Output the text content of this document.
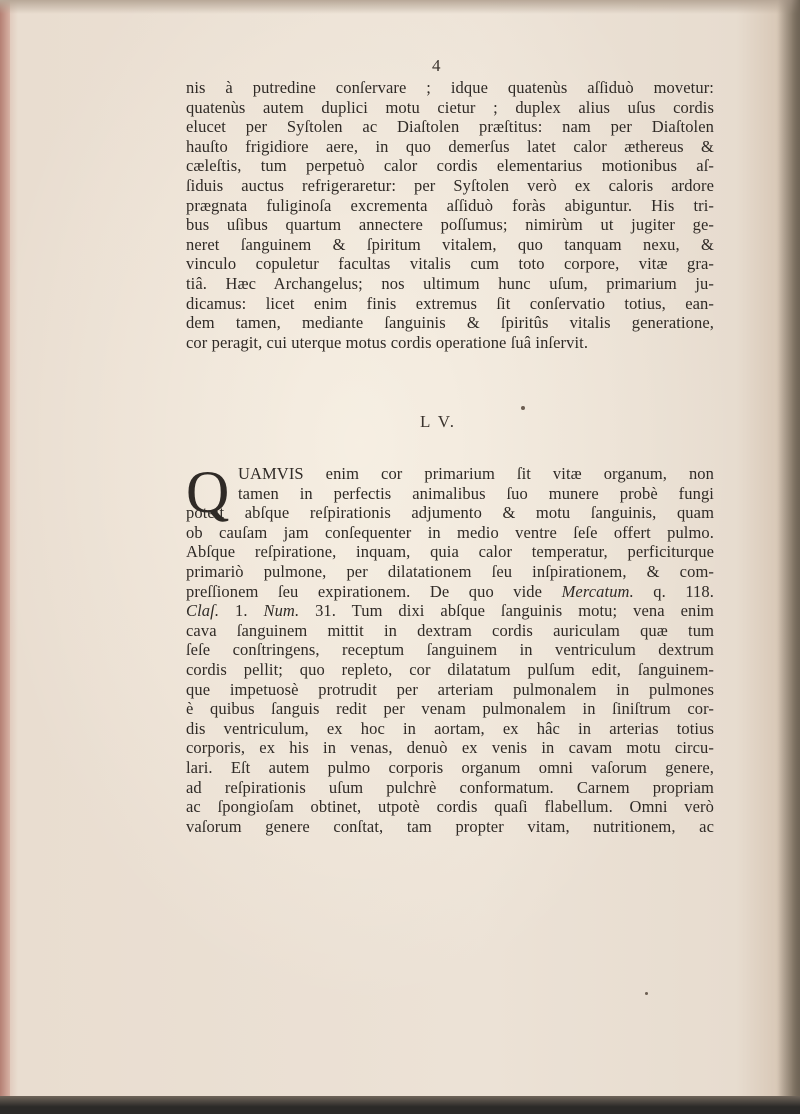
4
nis à putredine conſervare ; idque quatenùs aſſiduò movetur:
quatenùs autem duplici motu cietur ; duplex alius uſus cordis
elucet per Syſtolen ac Diaſtolen præſtitus: nam per Diaſtolen
hauſto frigidiore aere, in quo demerſus latet calor æthereus &
cæleſtis, tum perpetuò calor cordis elementarius motionibus aſ-
ſiduis auctus refrigeraretur: per Syſtolen verò ex caloris ardore
prægnata fuliginoſa excrementa aſſiduò foràs abiguntur. His tri-
bus uſibus quartum annectere poſſumus; nimirùm ut jugiter ge-
neret ſanguinem & ſpiritum vitalem, quo tanquam nexu, &
vinculo copuletur facultas vitalis cum toto corpore, vitæ gra-
tiâ. Hæc Archangelus; nos ultimum hunc uſum, primarium ju-
dicamus: licet enim finis extremus ſit conſervatio totius, ean-
dem tamen, mediante ſanguinis & ſpiritûs vitalis generatione,
cor peragit, cui uterque motus cordis operatione ſuâ inſervit.
L V.
Q UAMVIS enim cor primarium ſit vitæ organum, non
tamen in perfectis animalibus ſuo munere probè fungi
poteſt abſque reſpirationis adjumento & motu ſanguinis, quam
ob cauſam jam conſequenter in medio ventre ſeſe offert pulmo.
Abſque reſpiratione, inquam, quia calor temperatur, perficiturque
primariò pulmone, per dilatationem ſeu inſpirationem, & com-
preſſionem ſeu expirationem. De quo vide Mercatum. q. 118.
Claſ. 1. Num. 31. Tum dixi abſque ſanguinis motu; vena enim
cava ſanguinem mittit in dextram cordis auriculam quæ tum
ſeſe conſtringens, receptum ſanguinem in ventriculum dextrum
cordis pellit; quo repleto, cor dilatatum pulſum edit, ſanguinem-
que impetuosè protrudit per arteriam pulmonalem in pulmones
è quibus ſanguis redit per venam pulmonalem in ſiniſtrum cor-
dis ventriculum, ex hoc in aortam, ex hâc in arterias totius
corporis, ex his in venas, denuò ex venis in cavam motu circu-
lari. Eſt autem pulmo corporis organum omni vaſorum genere,
ad reſpirationis uſum pulchrè conformatum. Carnem propriam
ac ſpongioſam obtinet, utpotè cordis quaſi flabellum. Omni verò
vaſorum genere conſtat, tam propter vitam, nutritionem, ac
